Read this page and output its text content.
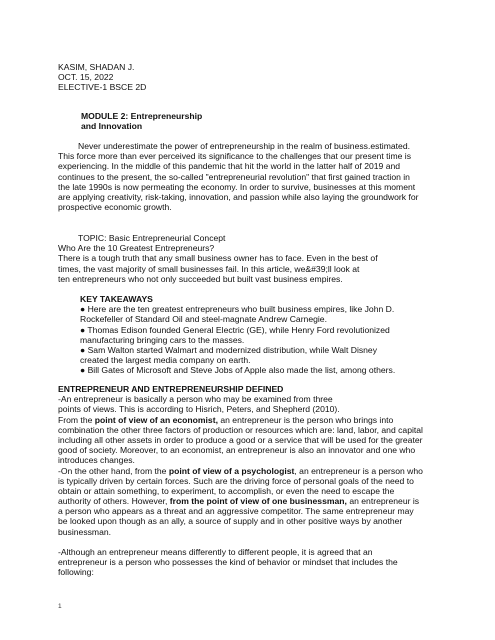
KASIM, SHADAN J.
OCT. 15, 2022
ELECTIVE-1 BSCE 2D
MODULE 2: Entrepreneurship
and Innovation
Never underestimate the power of entrepreneurship in the realm of business.estimated.
This force more than ever perceived its significance to the challenges that our present time is
experiencing. In the middle of this pandemic that hit the world in the latter half of 2019 and
continues to the present, the so-called "entrepreneurial revolution" that first gained traction in
the late 1990s is now permeating the economy. In order to survive, businesses at this moment
are applying creativity, risk-taking, innovation, and passion while also laying the groundwork for
prospective economic growth.
TOPIC: Basic Entrepreneurial Concept
Who Are the 10 Greatest Entrepreneurs?
There is a tough truth that any small business owner has to face. Even in the best of
times, the vast majority of small businesses fail. In this article, we&#39;ll look at
ten entrepreneurs who not only succeeded but built vast business empires.
KEY TAKEAWAYS
● Here are the ten greatest entrepreneurs who built business empires, like John D.
Rockefeller of Standard Oil and steel-magnate Andrew Carnegie.
● Thomas Edison founded General Electric (GE), while Henry Ford revolutionized
manufacturing bringing cars to the masses.
● Sam Walton started Walmart and modernized distribution, while Walt Disney
created the largest media company on earth.
● Bill Gates of Microsoft and Steve Jobs of Apple also made the list, among others.
ENTREPRENEUR AND ENTREPRENEURSHIP DEFINED
-An entrepreneur is basically a person who may be examined from three
points of views. This is according to Hisrich, Peters, and Shepherd (2010).
From the point of view of an economist, an entrepreneur is the person who brings into
combination the other three factors of production or resources which are: land, labor, and capital
including all other assets in order to produce a good or a service that will be used for the greater
good of society. Moreover, to an economist, an entrepreneur is also an innovator and one who
introduces changes.
-On the other hand, from the point of view of a psychologist, an entrepreneur is a person who
is typically driven by certain forces. Such are the driving force of personal goals of the need to
obtain or attain something, to experiment, to accomplish, or even the need to escape the
authority of others. However, from the point of view of one businessman, an entrepreneur is
a person who appears as a threat and an aggressive competitor. The same entrepreneur may
be looked upon though as an ally, a source of supply and in other positive ways by another
businessman.
-Although an entrepreneur means differently to different people, it is agreed that an
entrepreneur is a person who possesses the kind of behavior or mindset that includes the
following:
1
